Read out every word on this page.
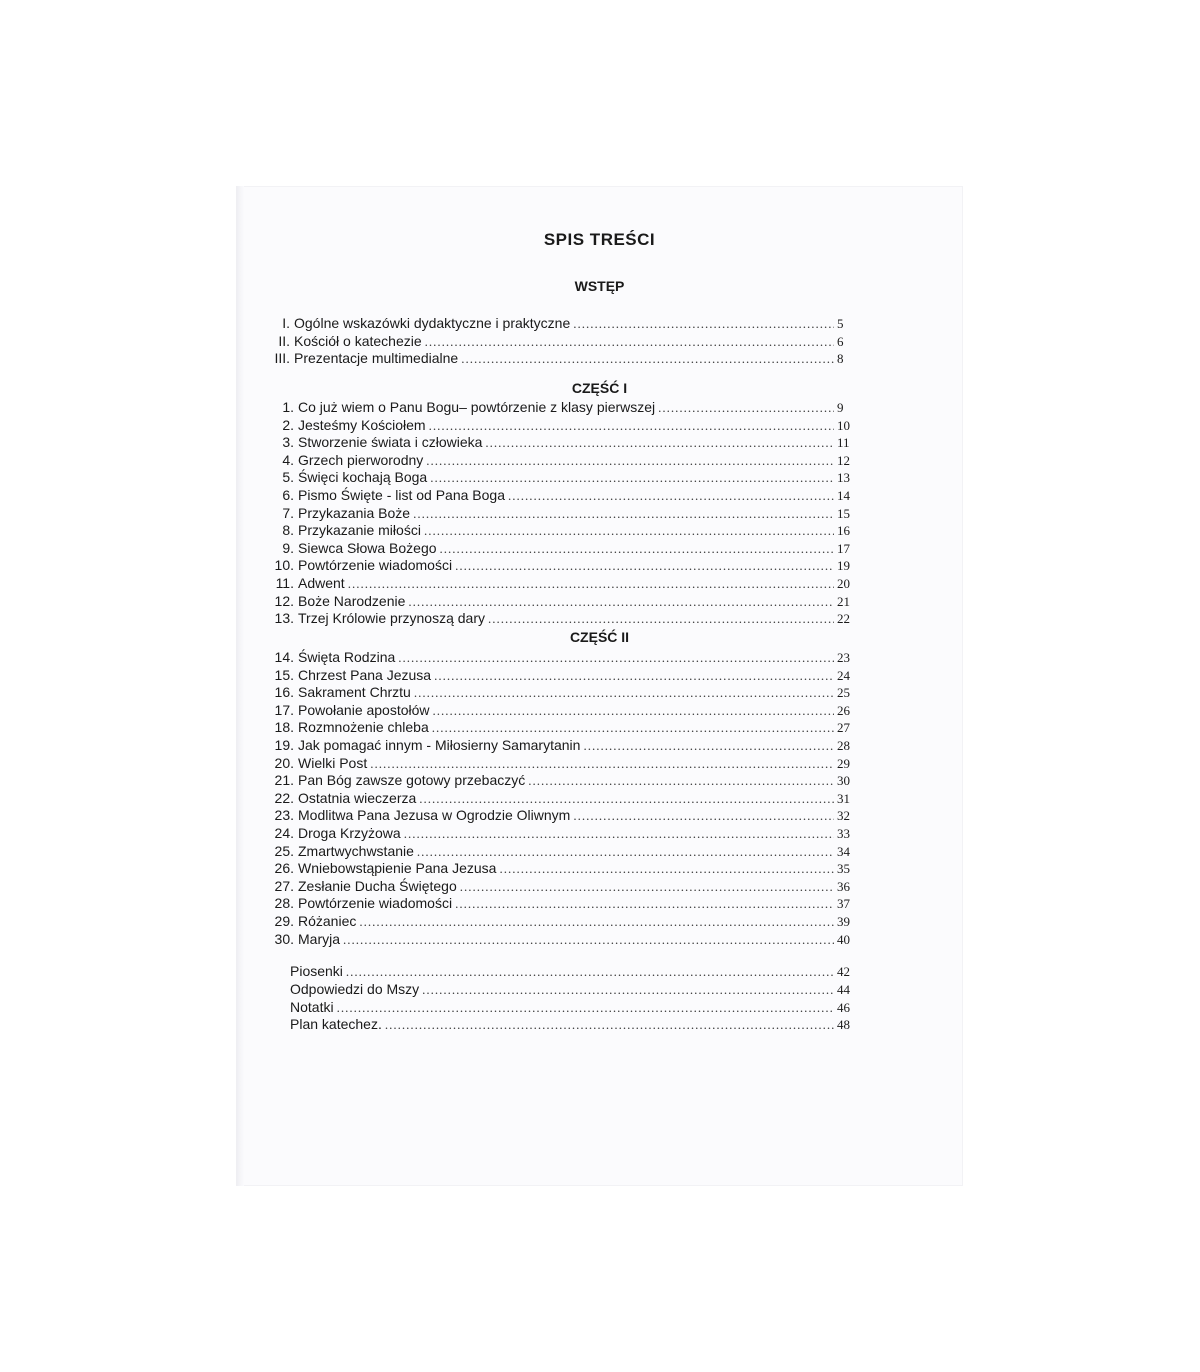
SPIS TREŚCI
WSTĘP
CZĘŚĆ I
CZĘŚĆ II
I. Ogólne wskazówki dydaktyczne i praktyczne .....	5
II. Kościół o katechezie .....	6
III. Prezentacje multimedialne .....	8
1. Co już wiem o Panu Bogu– powtórzenie z klasy pierwszej .....	9
2. Jesteśmy Kościołem .....	10
3. Stworzenie świata i człowieka .....	11
4. Grzech pierworodny .....	12
5. Święci kochają Boga .....	13
6. Pismo Święte - list od Pana Boga .....	14
7. Przykazania Boże .....	15
8. Przykazanie miłości .....	16
9. Siewca Słowa Bożego .....	17
10. Powtórzenie wiadomości .....	19
11. Adwent .....	20
12. Boże Narodzenie .....	21
13. Trzej Królowie przynoszą dary .....	22
14. Święta Rodzina .....	23
15. Chrzest Pana Jezusa .....	24
16. Sakrament Chrztu .....	25
17. Powołanie apostołów .....	26
18. Rozmnożenie chleba .....	27
19. Jak pomagać innym - Miłosierny Samarytanin .....	28
20. Wielki Post .....	29
21. Pan Bóg zawsze gotowy przebaczyć .....	30
22. Ostatnia wieczerza .....	31
23. Modlitwa Pana Jezusa w Ogrodzie Oliwnym .....	32
24. Droga Krzyżowa .....	33
25. Zmartwychwstanie .....	34
26. Wniebowstąpienie Pana Jezusa .....	35
27. Zesłanie Ducha Świętego .....	36
28. Powtórzenie wiadomości .....	37
29. Różaniec .....	39
30. Maryja .....	40
Piosenki .....	42
Odpowiedzi do Mszy .....	44
Notatki .....	46
Plan katechez. .....	48
